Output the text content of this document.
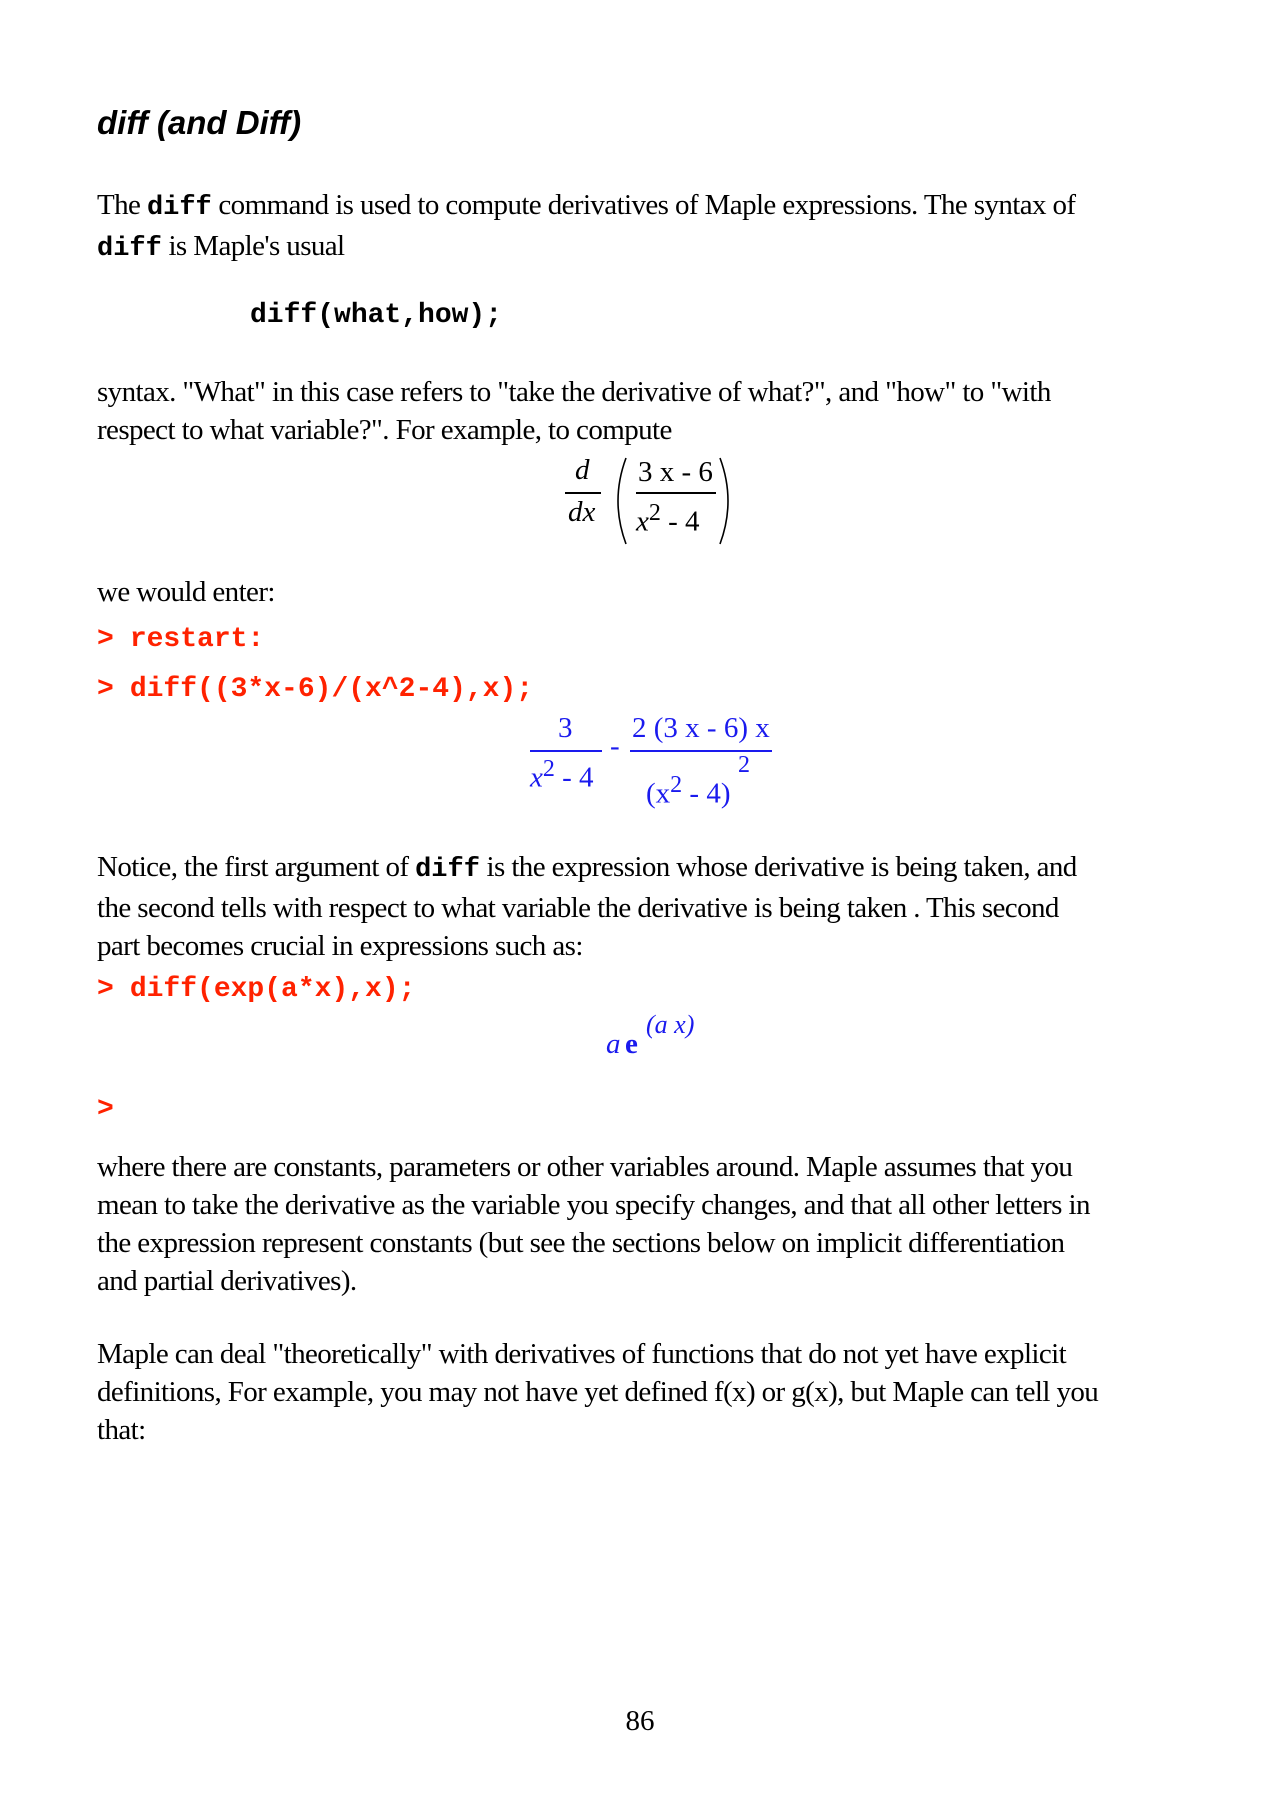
diff (and Diff)
The diff command is used to compute derivatives of Maple expressions. The syntax of
diff is Maple's usual
diff(what,how);
syntax. "What" in this case refers to "take the derivative of what?", and "how" to "with
respect to what variable?". For example, to compute
d
dx
3 x - 6
$x^2 - 4$
we would enter:
> restart:
> diff((3*x-6)/(x^2-4),x);
3
$x^2 - 4$
-
2 (3 x - 6) x
$(x^2 - 4)$
2
Notice, the first argument of diff is the expression whose derivative is being taken, and
the second tells with respect to what variable the derivative is being taken . This second
part becomes crucial in expressions such as:
> diff(exp(a*x),x);
a e
(a x)
>
where there are constants, parameters or other variables around. Maple assumes that you
mean to take the derivative as the variable you specify changes, and that all other letters in
the expression represent constants (but see the sections below on implicit differentiation
and partial derivatives).
Maple can deal "theoretically" with derivatives of functions that do not yet have explicit
definitions, For example, you may not have yet defined f(x) or g(x), but Maple can tell you
that:
86
